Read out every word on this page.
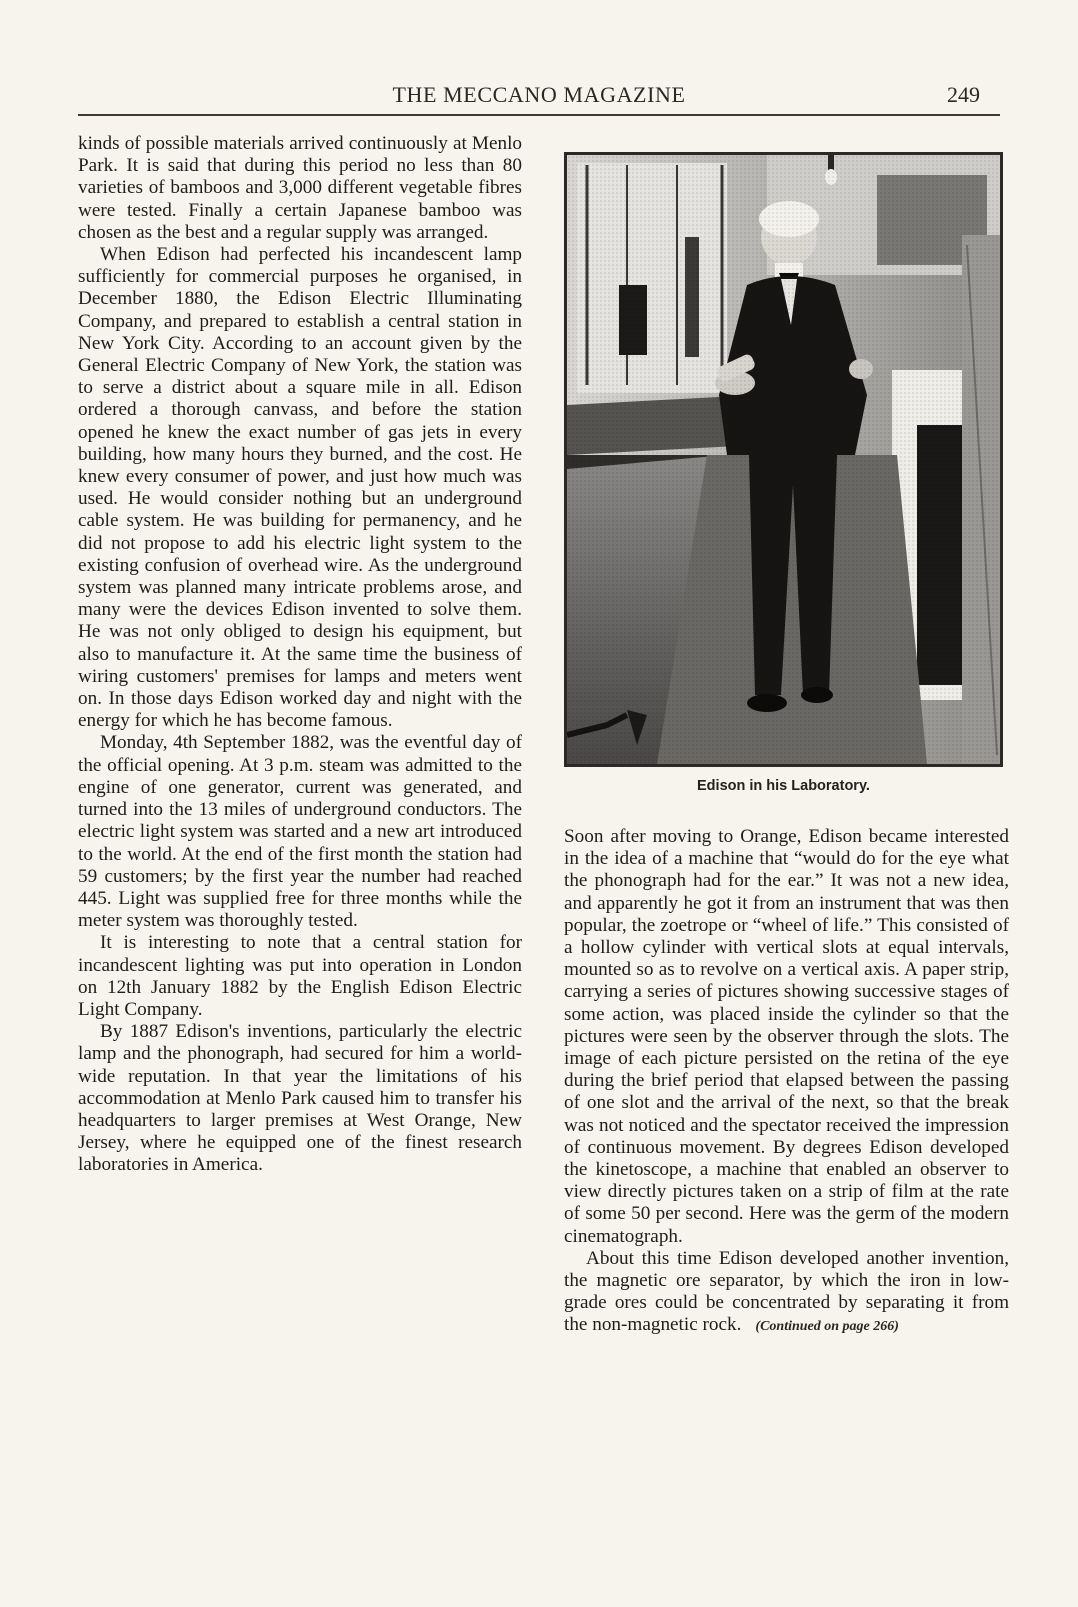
THE MECCANO MAGAZINE	249

kinds of possible materials arrived continuously at Menlo Park. It is said that during this period no less than 80 varieties of bamboos and 3,000 different vegetable fibres were tested. Finally a certain Japanese bamboo was chosen as the best and a regular supply was arranged.

When Edison had perfected his incandescent lamp sufficiently for commercial purposes he organised, in December 1880, the Edison Electric Illuminating Company, and prepared to establish a central station in New York City. According to an account given by the General Electric Company of New York, the station was to serve a district about a square mile in all. Edison ordered a thorough canvass, and before the station opened he knew the exact number of gas jets in every building, how many hours they burned, and the cost. He knew every consumer of power, and just how much was used. He would consider nothing but an underground cable system. He was building for permanency, and he did not propose to add his electric light system to the existing confusion of overhead wire. As the underground system was planned many intricate problems arose, and many were the devices Edison invented to solve them. He was not only obliged to design his equipment, but also to manufacture it. At the same time the business of wiring customers' premises for lamps and meters went on. In those days Edison worked day and night with the energy for which he has become famous.

Monday, 4th September 1882, was the eventful day of the official opening. At 3 p.m. steam was admitted to the engine of one generator, current was generated, and turned into the 13 miles of underground conductors. The electric light system was started and a new art introduced to the world. At the end of the first month the station had 59 customers; by the first year the number had reached 445. Light was supplied free for three months while the meter system was thoroughly tested.

It is interesting to note that a central station for incandescent lighting was put into operation in London on 12th January 1882 by the English Edison Electric Light Company.

By 1887 Edison's inventions, particularly the electric lamp and the phonograph, had secured for him a world-wide reputation. In that year the limitations of his accommodation at Menlo Park caused him to transfer his headquarters to larger premises at West Orange, New Jersey, where he equipped one of the finest research laboratories in America.

Edison in his Laboratory.

Soon after moving to Orange, Edison became interested in the idea of a machine that “would do for the eye what the phonograph had for the ear.” It was not a new idea, and apparently he got it from an instrument that was then popular, the zoetrope or “wheel of life.” This consisted of a hollow cylinder with vertical slots at equal intervals, mounted so as to revolve on a vertical axis. A paper strip, carrying a series of pictures showing successive stages of some action, was placed inside the cylinder so that the pictures were seen by the observer through the slots. The image of each picture persisted on the retina of the eye during the brief period that elapsed between the passing of one slot and the arrival of the next, so that the break was not noticed and the spectator received the impression of continuous movement. By degrees Edison developed the kinetoscope, a machine that enabled an observer to view directly pictures taken on a strip of film at the rate of some 50 per second. Here was the germ of the modern cinematograph.

About this time Edison developed another invention, the magnetic ore separator, by which the iron in low-grade ores could be concentrated by separating it from the non-magnetic rock. (Continued on page 266)
